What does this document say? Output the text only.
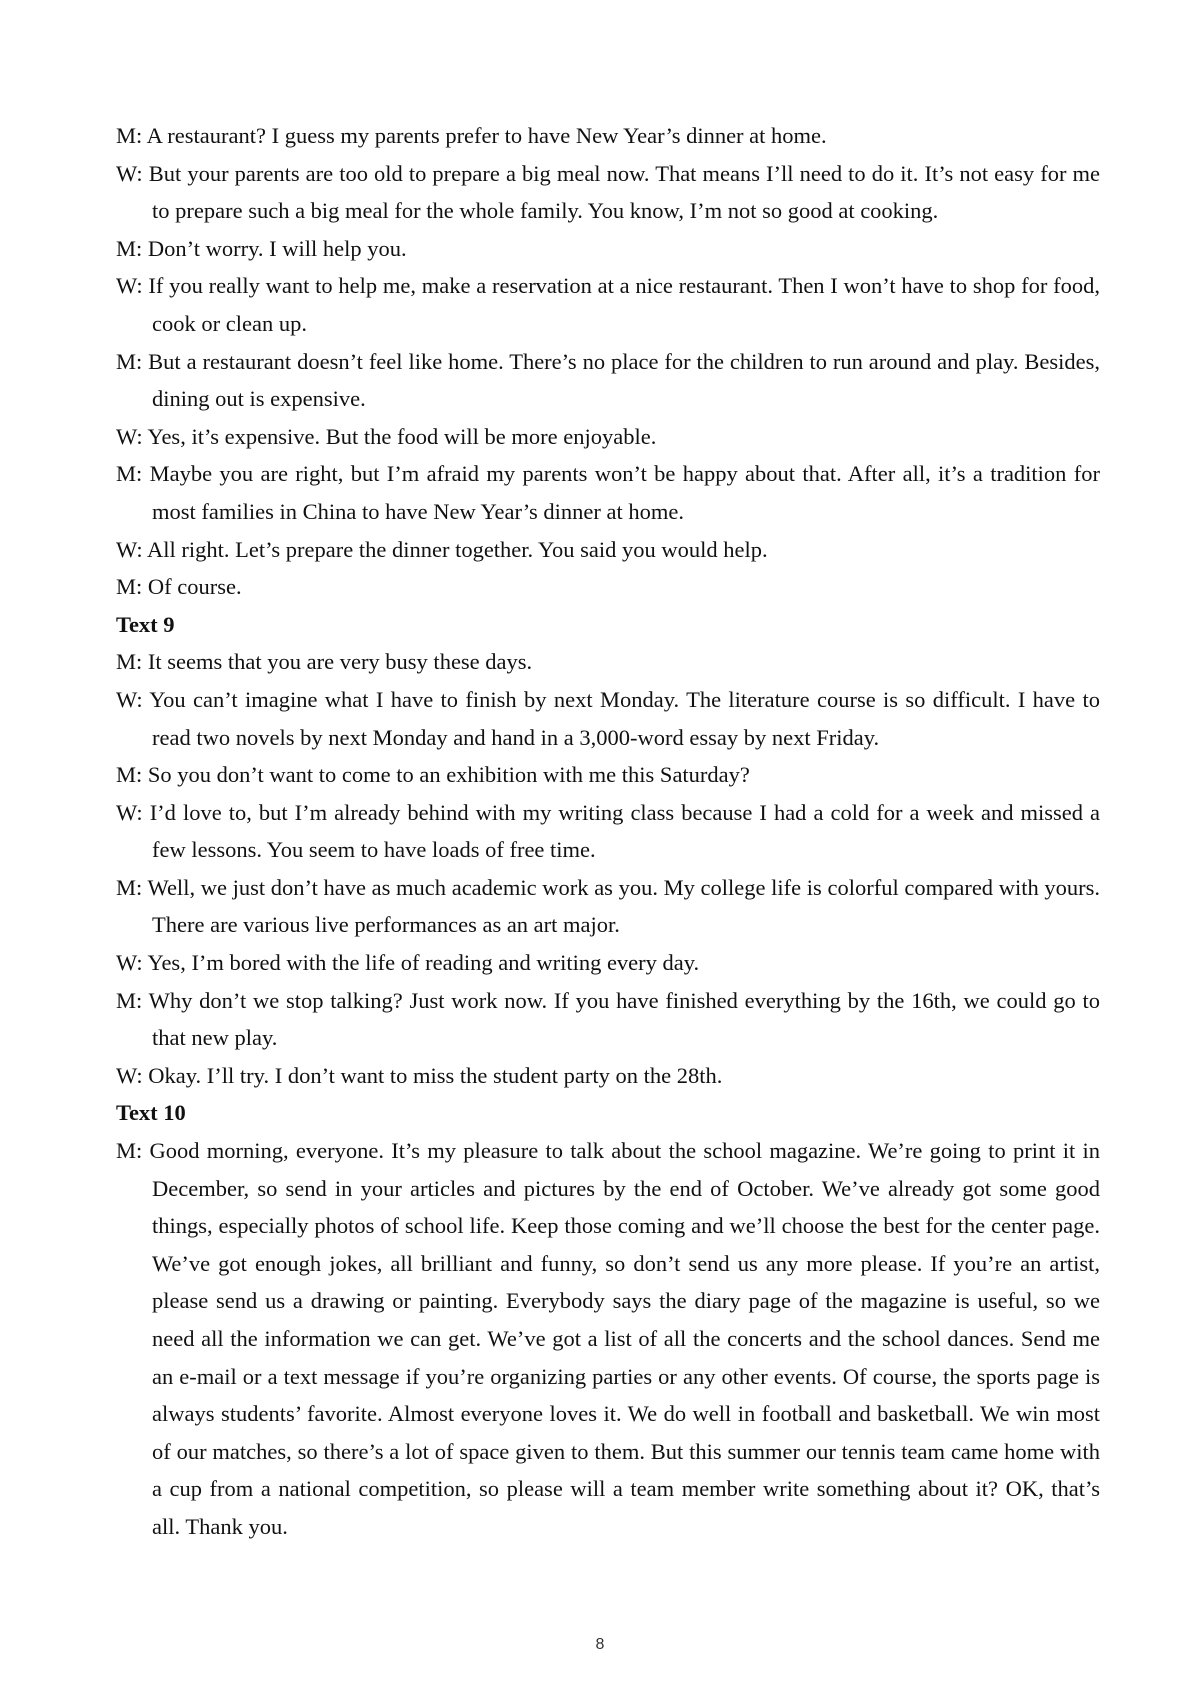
M: A restaurant? I guess my parents prefer to have New Year’s dinner at home.

W: But your parents are too old to prepare a big meal now. That means I’ll need to do it. It’s not easy for me to prepare such a big meal for the whole family. You know, I’m not so good at cooking.

M: Don’t worry. I will help you.

W: If you really want to help me, make a reservation at a nice restaurant. Then I won’t have to shop for food, cook or clean up.

M: But a restaurant doesn’t feel like home. There’s no place for the children to run around and play. Besides, dining out is expensive.

W: Yes, it’s expensive. But the food will be more enjoyable.

M: Maybe you are right, but I’m afraid my parents won’t be happy about that. After all, it’s a tradition for most families in China to have New Year’s dinner at home.

W: All right. Let’s prepare the dinner together. You said you would help.

M: Of course.

Text 9

M: It seems that you are very busy these days.

W: You can’t imagine what I have to finish by next Monday. The literature course is so difficult. I have to read two novels by next Monday and hand in a 3,000-word essay by next Friday.

M: So you don’t want to come to an exhibition with me this Saturday?

W: I’d love to, but I’m already behind with my writing class because I had a cold for a week and missed a few lessons. You seem to have loads of free time.

M: Well, we just don’t have as much academic work as you. My college life is colorful compared with yours. There are various live performances as an art major.

W: Yes, I’m bored with the life of reading and writing every day.

M: Why don’t we stop talking? Just work now. If you have finished everything by the 16th, we could go to that new play.

W: Okay. I’ll try. I don’t want to miss the student party on the 28th.

Text 10

M: Good morning, everyone. It’s my pleasure to talk about the school magazine. We’re going to print it in December, so send in your articles and pictures by the end of October. We’ve already got some good things, especially photos of school life. Keep those coming and we’ll choose the best for the center page. We’ve got enough jokes, all brilliant and funny, so don’t send us any more please. If you’re an artist, please send us a drawing or painting. Everybody says the diary page of the magazine is useful, so we need all the information we can get. We’ve got a list of all the concerts and the school dances. Send me an e-mail or a text message if you’re organizing parties or any other events. Of course, the sports page is always students’ favorite. Almost everyone loves it. We do well in football and basketball. We win most of our matches, so there’s a lot of space given to them. But this summer our tennis team came home with a cup from a national competition, so please will a team member write something about it? OK, that’s all. Thank you.

8
